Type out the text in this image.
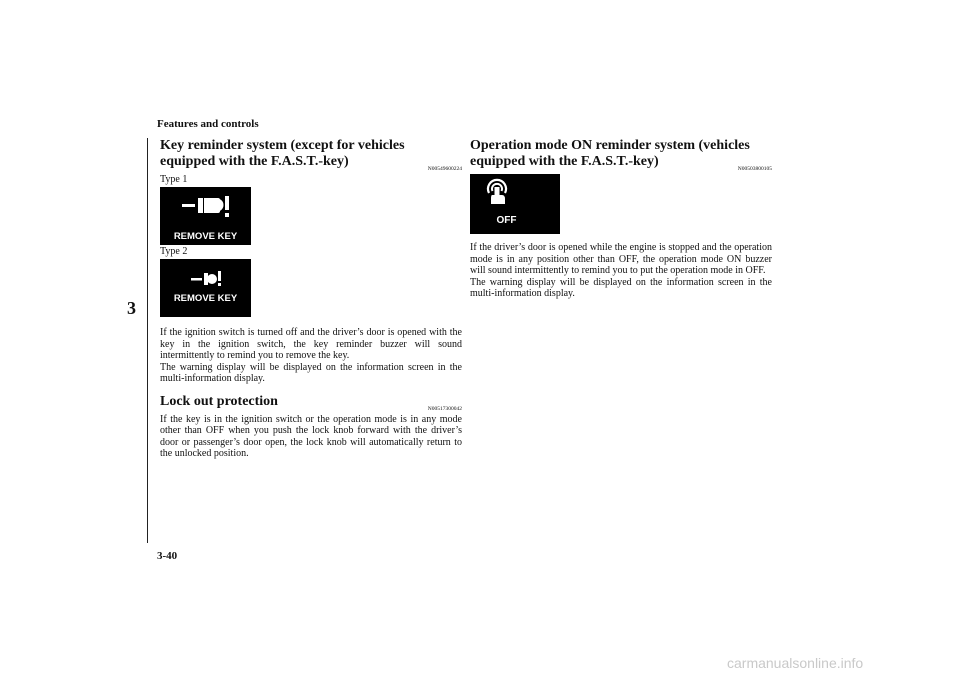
Features and controls
3
3-40
Key reminder system (except for vehicles equipped with the F.A.S.T.-key)	N00549600224
Type 1
REMOVE KEY
Type 2
REMOVE KEY

If the ignition switch is turned off and the driver’s door is opened with the key in the ignition switch, the key reminder buzzer will sound intermittently to remind you to remove the key.

The warning display will be displayed on the information screen in the multi-information display.

Lock out protection	N00517300042

If the key is in the ignition switch or the operation mode is in any mode other than OFF when you push the lock knob forward with the driver’s door or passenger’s door open, the lock knob will automatically return to the unlocked position.

Operation mode ON reminder system (vehicles equipped with the F.A.S.T.-key)	N00503800105
OFF

If the driver’s door is opened while the engine is stopped and the operation mode is in any position other than OFF, the operation mode ON buzzer will sound intermittently to remind you to put the operation mode in OFF.

The warning display will be displayed on the information screen in the multi-information display.

carmanualsonline.info
